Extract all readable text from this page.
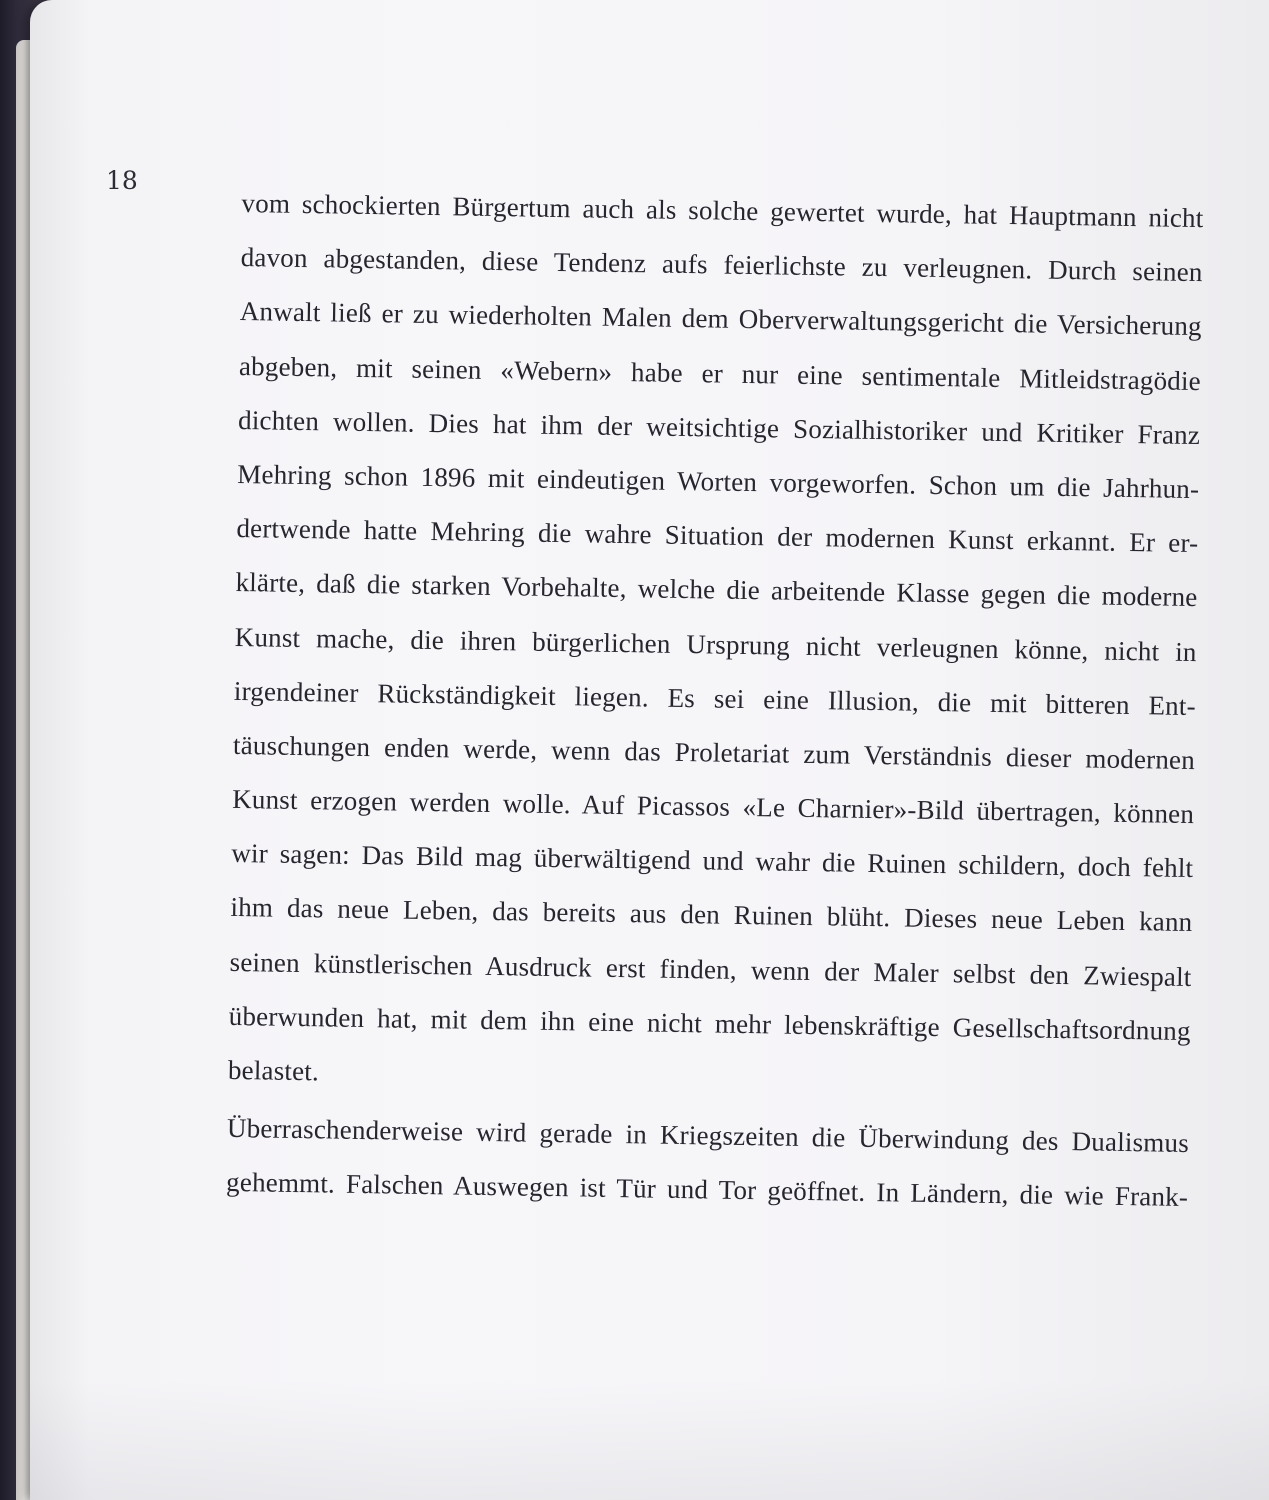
18
vom schockierten Bürgertum auch als solche gewertet wurde, hat Hauptmann nicht
davon abgestanden, diese Tendenz aufs feierlichste zu verleugnen. Durch seinen
Anwalt ließ er zu wiederholten Malen dem Oberverwaltungsgericht die Versicherung
abgeben, mit seinen «Webern» habe er nur eine sentimentale Mitleidstragödie
dichten wollen. Dies hat ihm der weitsichtige Sozialhistoriker und Kritiker Franz
Mehring schon 1896 mit eindeutigen Worten vorgeworfen. Schon um die Jahrhun-
dertwende hatte Mehring die wahre Situation der modernen Kunst erkannt. Er er-
klärte, daß die starken Vorbehalte, welche die arbeitende Klasse gegen die moderne
Kunst mache, die ihren bürgerlichen Ursprung nicht verleugnen könne, nicht in
irgendeiner Rückständigkeit liegen. Es sei eine Illusion, die mit bitteren Ent-
täuschungen enden werde, wenn das Proletariat zum Verständnis dieser modernen
Kunst erzogen werden wolle. Auf Picassos «Le Charnier»-Bild übertragen, können
wir sagen: Das Bild mag überwältigend und wahr die Ruinen schildern, doch fehlt
ihm das neue Leben, das bereits aus den Ruinen blüht. Dieses neue Leben kann
seinen künstlerischen Ausdruck erst finden, wenn der Maler selbst den Zwiespalt
überwunden hat, mit dem ihn eine nicht mehr lebenskräftige Gesellschaftsordnung
belastet.
Überraschenderweise wird gerade in Kriegszeiten die Überwindung des Dualismus
gehemmt. Falschen Auswegen ist Tür und Tor geöffnet. In Ländern, die wie Frank-
